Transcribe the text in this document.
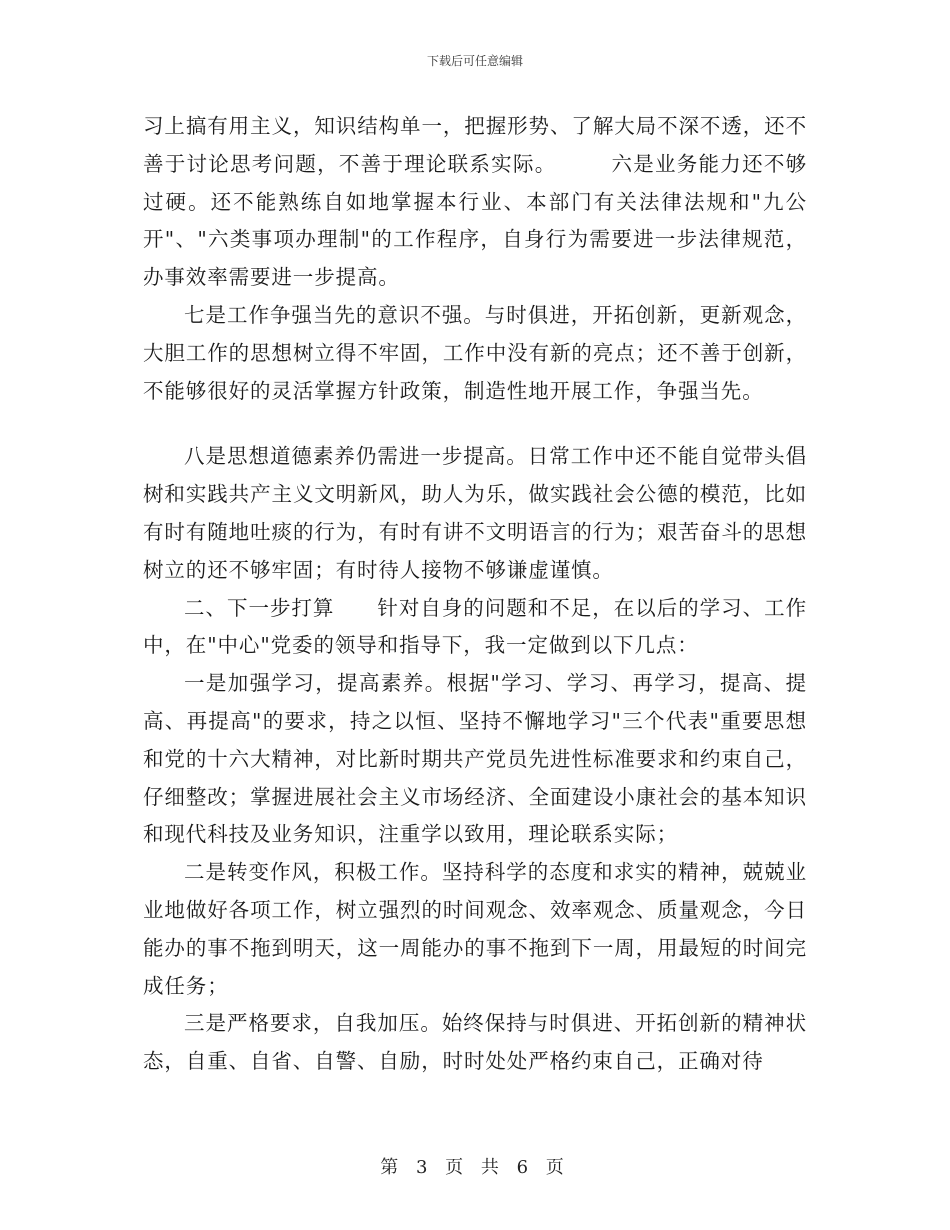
下载后可任意编辑

习上搞有用主义，知识结构单一，把握形势、了解大局不深不透，还不善于讨论思考问题，不善于理论联系实际。　　　六是业务能力还不够过硬。还不能熟练自如地掌握本行业、本部门有关法律法规和"九公开"、"六类事项办理制"的工作程序，自身行为需要进一步法律规范，办事效率需要进一步提高。

七是工作争强当先的意识不强。与时俱进，开拓创新，更新观念，大胆工作的思想树立得不牢固，工作中没有新的亮点；还不善于创新，不能够很好的灵活掌握方针政策，制造性地开展工作，争强当先。

八是思想道德素养仍需进一步提高。日常工作中还不能自觉带头倡树和实践共产主义文明新风，助人为乐，做实践社会公德的模范，比如有时有随地吐痰的行为，有时有讲不文明语言的行为；艰苦奋斗的思想树立的还不够牢固；有时待人接物不够谦虚谨慎。

二、下一步打算　　针对自身的问题和不足，在以后的学习、工作中，在"中心"党委的领导和指导下，我一定做到以下几点：

一是加强学习，提高素养。根据"学习、学习、再学习，提高、提高、再提高"的要求，持之以恒、坚持不懈地学习"三个代表"重要思想和党的十六大精神，对比新时期共产党员先进性标准要求和约束自己，仔细整改；掌握进展社会主义市场经济、全面建设小康社会的基本知识和现代科技及业务知识，注重学以致用，理论联系实际；

二是转变作风，积极工作。坚持科学的态度和求实的精神，兢兢业业地做好各项工作，树立强烈的时间观念、效率观念、质量观念，今日能办的事不拖到明天，这一周能办的事不拖到下一周，用最短的时间完成任务；

三是严格要求，自我加压。始终保持与时俱进、开拓创新的精神状态，自重、自省、自警、自励，时时处处严格约束自己，正确对待

第 3 页 共 6 页
